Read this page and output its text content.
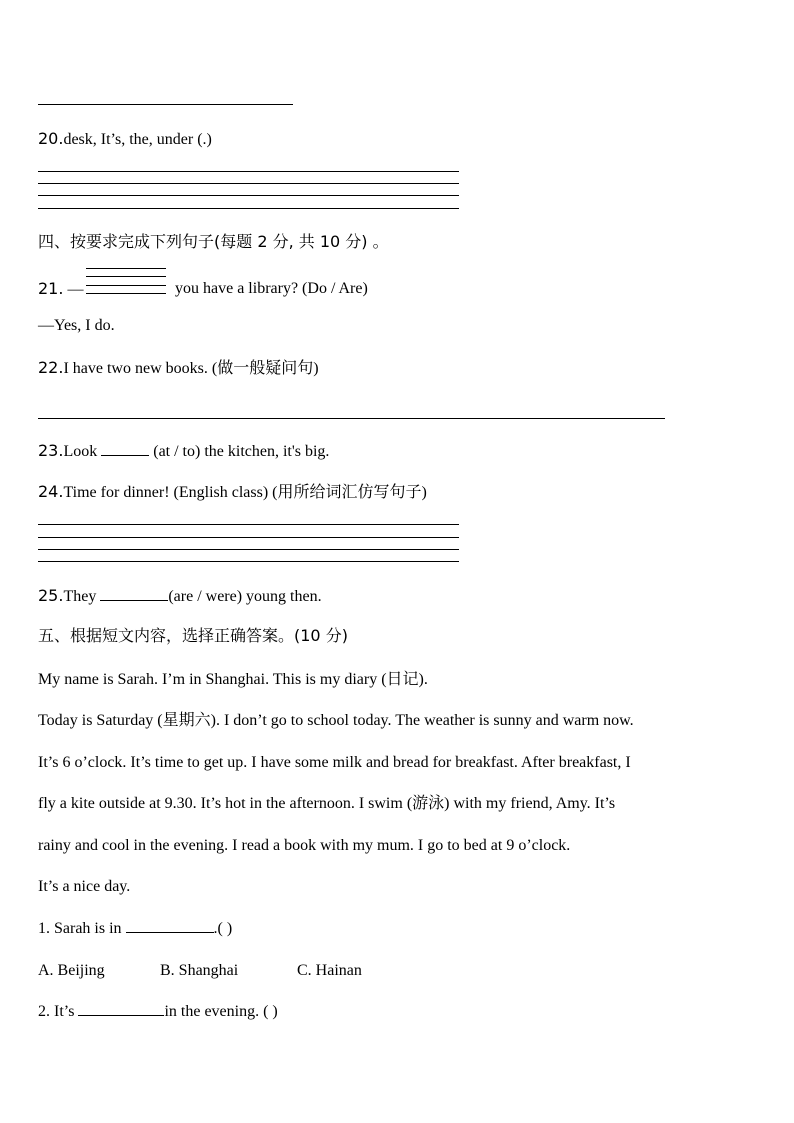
20.desk, It’s, the, under (.)
四、按要求完成下列句子(每题 2 分, 共 10 分) 。
21. —	you have a library? (Do / Are)
—Yes, I do.
22.I have two new books. (做一般疑问句)
23.Look	(at / to) the kitchen, it's big.
24.Time for dinner! (English class) (用所给词汇仿写句子)
25.They	(are / were) young then.
五、根据短文内容，选择正确答案。(10 分)
My name is Sarah. I’m in Shanghai. This is my diary (日记).
Today is Saturday (星期六). I don’t go to school today. The weather is sunny and warm now.
It’s 6 o’clock. It’s time to get up. I have some milk and bread for breakfast. After breakfast, I
fly a kite outside at 9.30. It’s hot in the afternoon. I swim (游泳) with my friend, Amy. It’s
rainy and cool in the evening. I read a book with my mum. I go to bed at 9 o’clock.
It’s a nice day.
1. Sarah is in	.( )
A. Beijing	B. Shanghai	C. Hainan
2. It’s	in the evening. ( )
